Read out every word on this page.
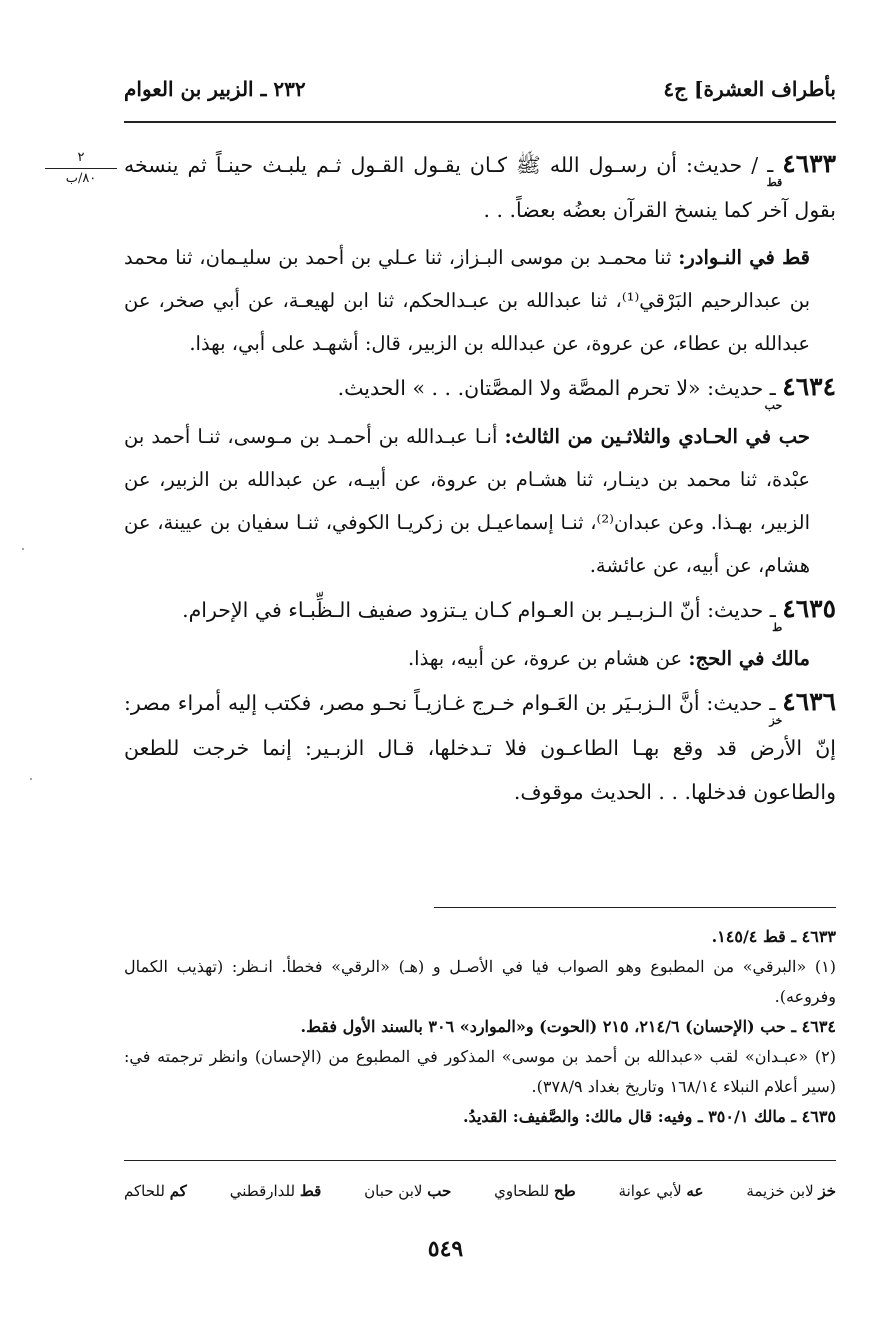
بأطراف العشرة] ج٤
٢٣٢ ـ الزبير بن العوام
٢
٨٠/ب

٤٦٣٣قط ـ / حديث: أن رسـول الله ﷺ كـان يقـول القـول ثـم يلبـث حينـاً ثم ينسخه بقول آخر كما ينسخ القرآن بعضُه بعضاً. . .

قط في النـوادر: ثنا محمـد بن موسى البـزاز، ثنا عـلي بن أحمد بن سليـمان، ثنا محمد بن عبدالرحيم البَرْقي⁽¹⁾، ثنا عبدالله بن عبـدالحكم، ثنا ابن لهيعـة، عن أبي صخر، عن عبدالله بن عطاء، عن عروة، عن عبدالله بن الزبير، قال: أشهـد على أبي، بهذا.

٤٦٣٤حب ـ حديث: «لا تحرم المصَّة ولا المصَّتان. . . » الحديث.

حب في الحـادي والثلاثـين من الثالث: أنـا عبـدالله بن أحمـد بن مـوسى، ثنـا أحمد بن عبْدة، ثنا محمد بن دينـار، ثنا هشـام بن عروة، عن أبيـه، عن عبدالله بن الزبير، عن الزبير، بهـذا. وعن عبدان⁽²⁾، ثنـا إسماعيـل بن زكريـا الكوفي، ثنـا سفيان بن عيينة، عن هشام، عن أبيه، عن عائشة.

٤٦٣٥ط ـ حديث: أنّ الـزبـيـر بن العـوام كـان يـتزود صفيف الـظِّبـاء في الإحرام.

مالك في الحج: عن هشام بن عروة، عن أبيه، بهذا.

٤٦٣٦خز ـ حديث: أنَّ الـزبـيَر بن العَـوام خـرج غـازيـاً نحـو مصر، فكتب إليه أمراء مصر: إنّ الأرض قد وقع بهـا الطاعـون فلا تـدخلها، قـال الزبـير: إنما خرجت للطعن والطاعون فدخلها. . . الحديث موقوف.

٤٦٣٣ ـ قط ١٤٥/٤.

(١) «البرقي» من المطبوع وهو الصواب فيا في الأصـل و (هـ) «الرقي» فخطأ. انـظر: (تهذيب الكمال وفروعه).

٤٦٣٤ ـ حب (الإحسان) ٢١٤/٦، ٢١٥ (الحوت) و«الموارد» ٣٠٦ بالسند الأول فقط.

(٢) «عبـدان» لقب «عبدالله بن أحمد بن موسى» المذكور في المطبوع من (الإحسان) وانظر ترجمته في: (سير أعلام النبلاء ١٦٨/١٤ وتاريخ بغداد ٣٧٨/٩).

٤٦٣٥ ـ مالك ٣٥٠/١ ـ وفيه: قال مالك: والصَّفيف: القديدُ.

خز لابن خزيمة
عه لأبي عوانة
طح للطحاوي
حب لابن حبان
قط للدارقطني
كم للحاكم
٥٤٩
